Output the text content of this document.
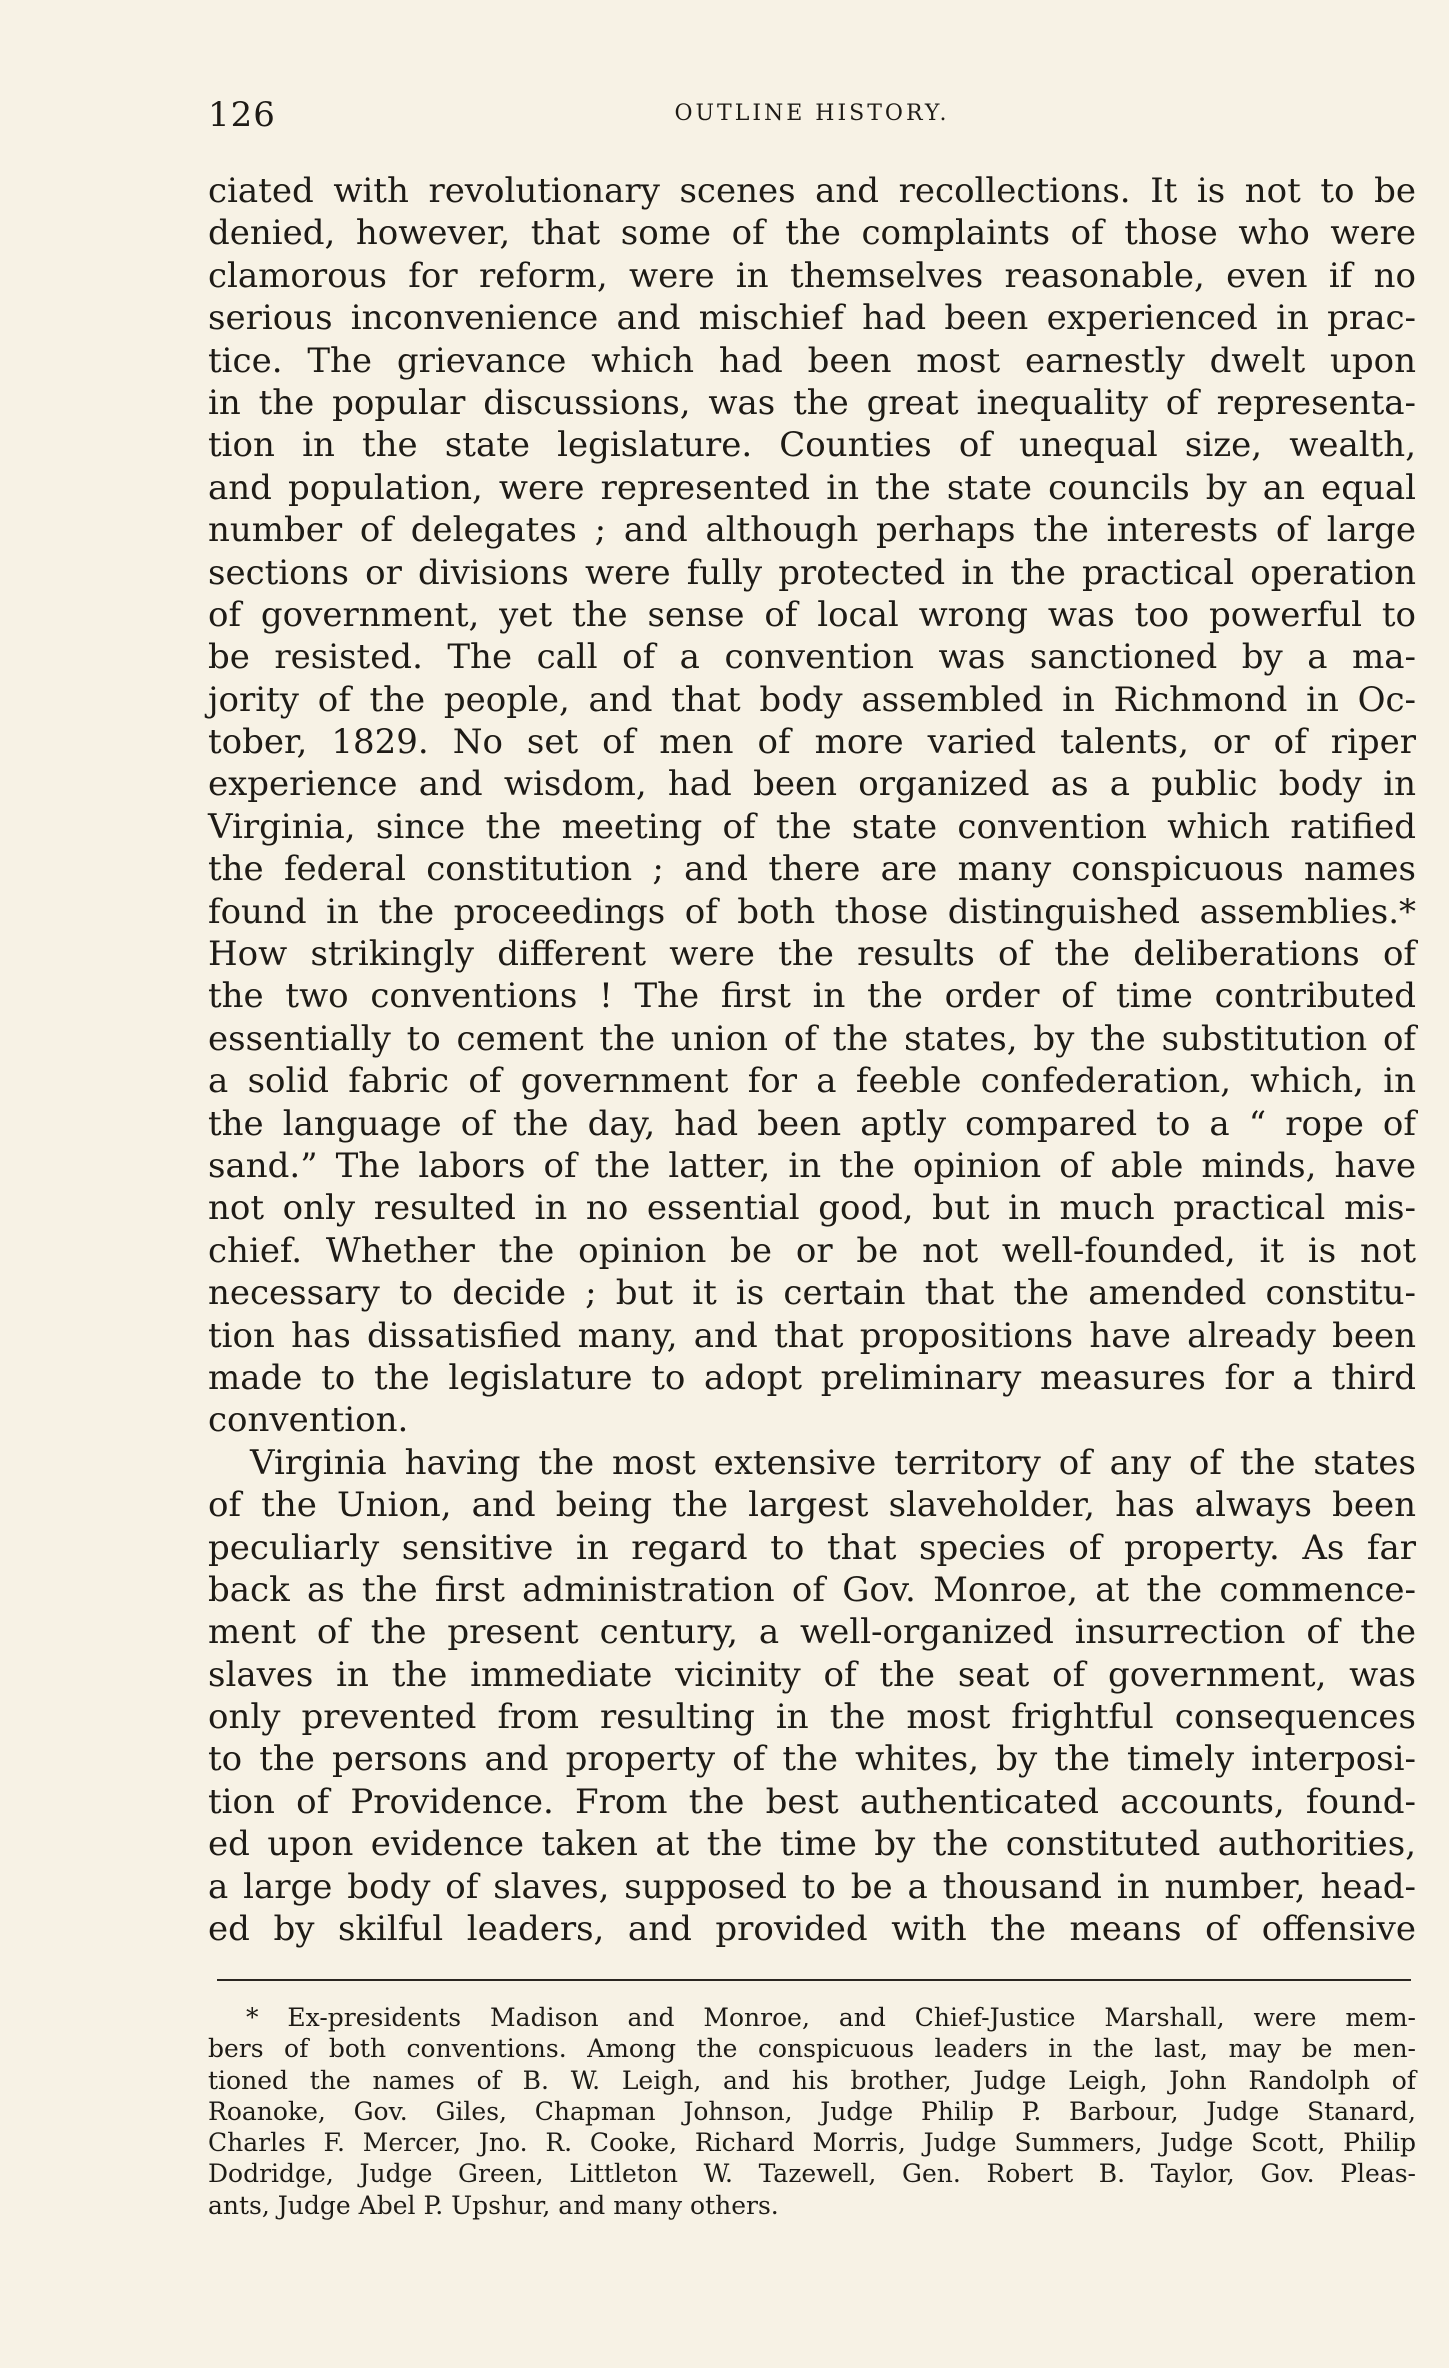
126	OUTLINE HISTORY.
ciated with revolutionary scenes and recollections. It is not to be
denied, however, that some of the complaints of those who were
clamorous for reform, were in themselves reasonable, even if no
serious inconvenience and mischief had been experienced in prac-
tice. The grievance which had been most earnestly dwelt upon
in the popular discussions, was the great inequality of representa-
tion in the state legislature. Counties of unequal size, wealth,
and population, were represented in the state councils by an equal
number of delegates ; and although perhaps the interests of large
sections or divisions were fully protected in the practical operation
of government, yet the sense of local wrong was too powerful to
be resisted. The call of a convention was sanctioned by a ma-
jority of the people, and that body assembled in Richmond in Oc-
tober, 1829. No set of men of more varied talents, or of riper
experience and wisdom, had been organized as a public body in
Virginia, since the meeting of the state convention which ratified
the federal constitution ; and there are many conspicuous names
found in the proceedings of both those distinguished assemblies.*
How strikingly different were the results of the deliberations of
the two conventions ! The first in the order of time contributed
essentially to cement the union of the states, by the substitution of
a solid fabric of government for a feeble confederation, which, in
the language of the day, had been aptly compared to a “ rope of
sand.” The labors of the latter, in the opinion of able minds, have
not only resulted in no essential good, but in much practical mis-
chief. Whether the opinion be or be not well-founded, it is not
necessary to decide ; but it is certain that the amended constitu-
tion has dissatisfied many, and that propositions have already been
made to the legislature to adopt preliminary measures for a third
convention.
Virginia having the most extensive territory of any of the states
of the Union, and being the largest slaveholder, has always been
peculiarly sensitive in regard to that species of property. As far
back as the first administration of Gov. Monroe, at the commence-
ment of the present century, a well-organized insurrection of the
slaves in the immediate vicinity of the seat of government, was
only prevented from resulting in the most frightful consequences
to the persons and property of the whites, by the timely interposi-
tion of Providence. From the best authenticated accounts, found-
ed upon evidence taken at the time by the constituted authorities,
a large body of slaves, supposed to be a thousand in number, head-
ed by skilful leaders, and provided with the means of offensive
* Ex-presidents Madison and Monroe, and Chief-Justice Marshall, were mem-
bers of both conventions. Among the conspicuous leaders in the last, may be men-
tioned the names of B. W. Leigh, and his brother, Judge Leigh, John Randolph of
Roanoke, Gov. Giles, Chapman Johnson, Judge Philip P. Barbour, Judge Stanard,
Charles F. Mercer, Jno. R. Cooke, Richard Morris, Judge Summers, Judge Scott, Philip
Dodridge, Judge Green, Littleton W. Tazewell, Gen. Robert B. Taylor, Gov. Pleas-
ants, Judge Abel P. Upshur, and many others.
